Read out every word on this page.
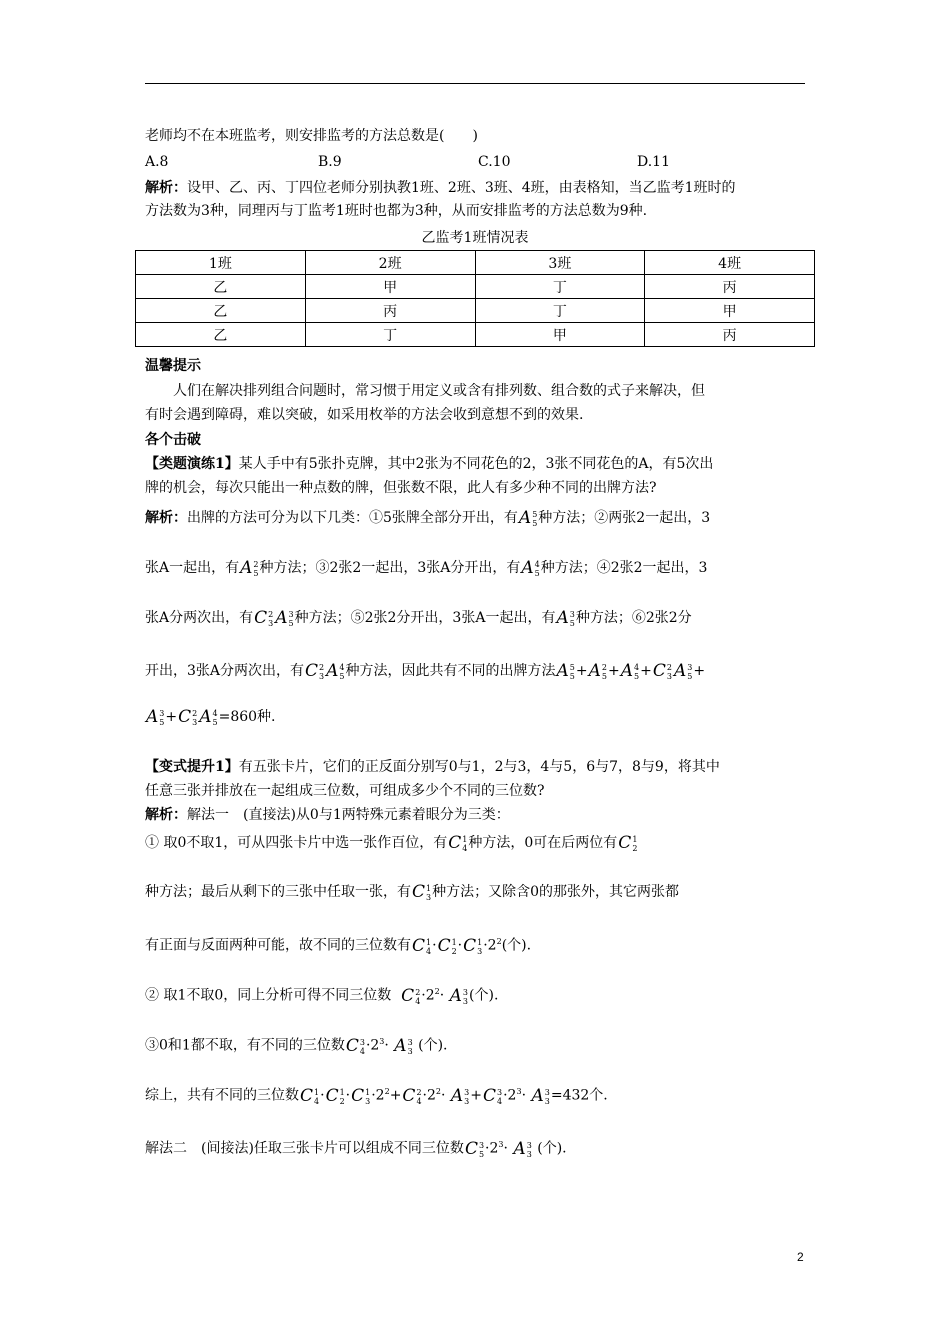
老师均不在本班监考，则安排监考的方法总数是(　　)
A.8	B.9	C.10	D.11
解析：设甲、乙、丙、丁四位老师分别执教1班、2班、3班、4班，由表格知，当乙监考1班时的
方法数为3种，同理丙与丁监考1班时也都为3种，从而安排监考的方法总数为9种.
乙监考1班情况表
1班	2班	3班	4班
乙	甲	丁	丙
乙	丙	丁	甲
乙	丁	甲	丙
温馨提示
人们在解决排列组合问题时，常习惯于用定义或含有排列数、组合数的式子来解决，但
有时会遇到障碍，难以突破，如采用枚举的方法会收到意想不到的效果.
各个击破
【类题演练1】某人手中有5张扑克牌，其中2张为不同花色的2，3张不同花色的A，有5次出
牌的机会，每次只能出一种点数的牌，但张数不限，此人有多少种不同的出牌方法?
解析：出牌的方法可分为以下几类：①5张牌全部分开出，有A 5
5 种方法；②两张2一起出，3
张A一起出，有A 2
5 种方法；③2张2一起出，3张A分开出，有A 4
5 种方法；④2张2一起出，3
张A分两次出，有C 2
3 A 3
5 种方法；⑤2张2分开出，3张A一起出，有A 3
5 种方法；⑥2张2分
开出，3张A分两次出，有C 2
3 A 4
5 种方法，因此共有不同的出牌方法A 5
5 +A 2
5 +A 4
5 +C 2
3 A 3
5 +
A 3
5 +C 2
3 A 4
5 =860种.
【变式提升1】有五张卡片，它们的正反面分别写0与1，2与3，4与5，6与7，8与9，将其中
任意三张并排放在一起组成三位数，可组成多少个不同的三位数?
解析：解法一　(直接法)从0与1两特殊元素着眼分为三类：
① 取0不取1，可从四张卡片中选一张作百位，有C 1
4 种方法，0可在后两位有C 1
2
种方法；最后从剩下的三张中任取一张，有C 1
3 种方法；又除含0的那张外，其它两张都
有正面与反面两种可能，故不同的三位数有C 1
4 ·C 1
2 ·C 1
$3 \cdot 2^2$(个).
② 取1不取0，同上分析可得不同三位数 C 2
$4 \cdot 2^2\cdot A$ 3
3 (个).
③0和1都不取，有不同的三位数C 3
$4 \cdot 2^3\cdot A$ 3
3 (个).
综上，共有不同的三位数C 1
4 ·C 1
2 ·C 1
$3 \cdot 2^2+C$ 2
$4 \cdot 2^2\cdot A$ 3
3 +C 3
$4 \cdot 2^3\cdot A$ 3
3 =432个.
解法二　(间接法)任取三张卡片可以组成不同三位数C 3
$5 \cdot 2^3\cdot A$ 3
3 (个).
2
